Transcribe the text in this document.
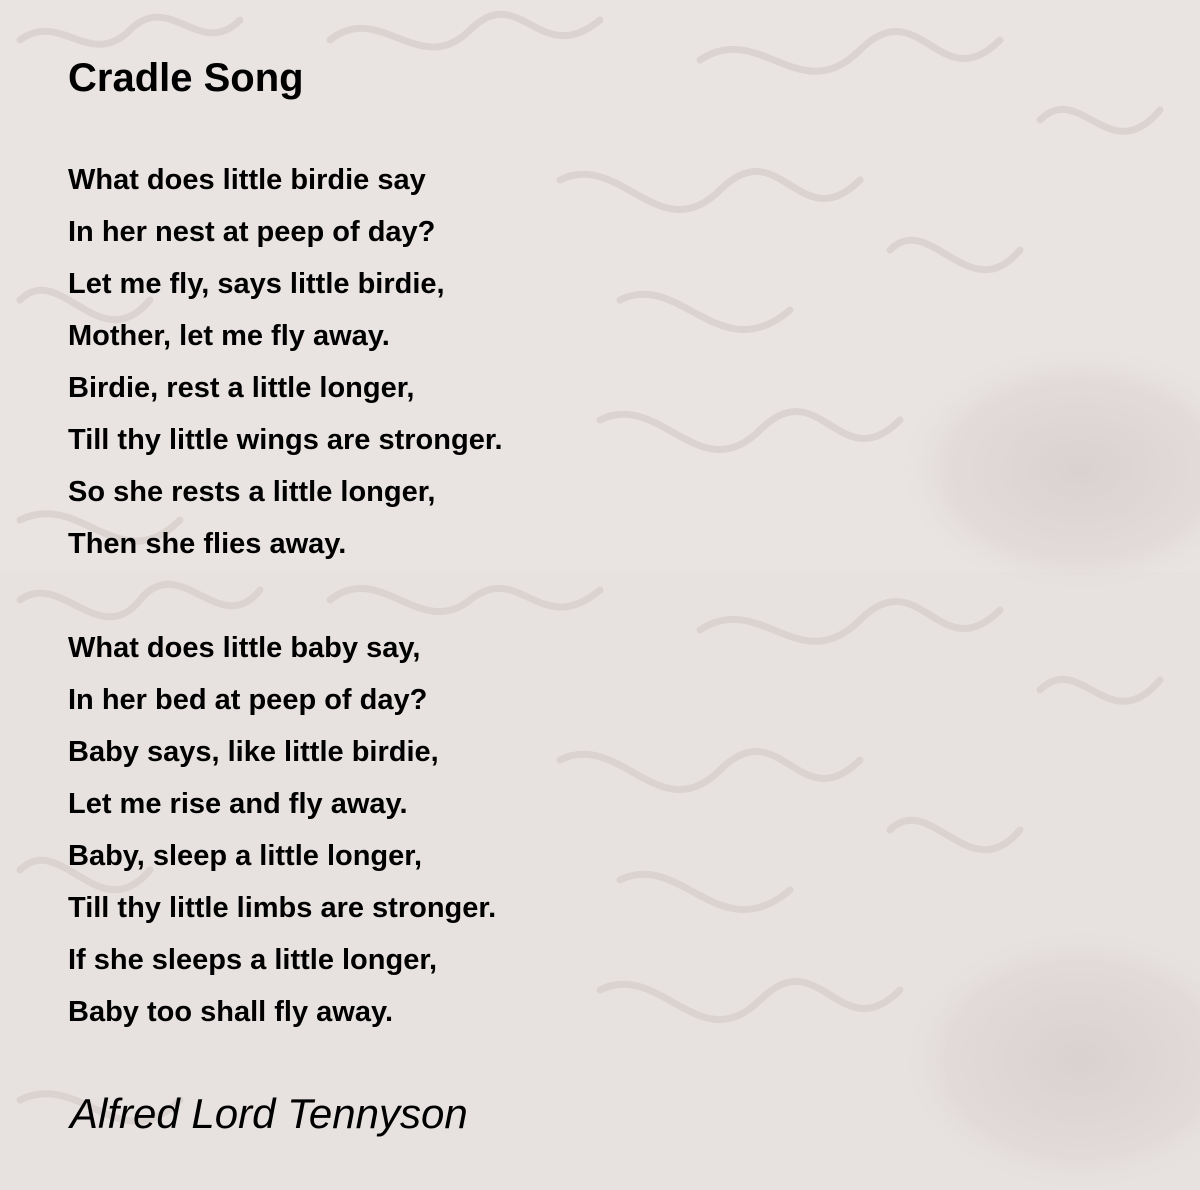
Cradle Song
What does little birdie say
In her nest at peep of day?
Let me fly, says little birdie,
Mother, let me fly away.
Birdie, rest a little longer,
Till thy little wings are stronger.
So she rests a little longer,
Then she flies away.
What does little baby say,
In her bed at peep of day?
Baby says, like little birdie,
Let me rise and fly away.
Baby, sleep a little longer,
Till thy little limbs are stronger.
If she sleeps a little longer,
Baby too shall fly away.

Alfred Lord Tennyson
